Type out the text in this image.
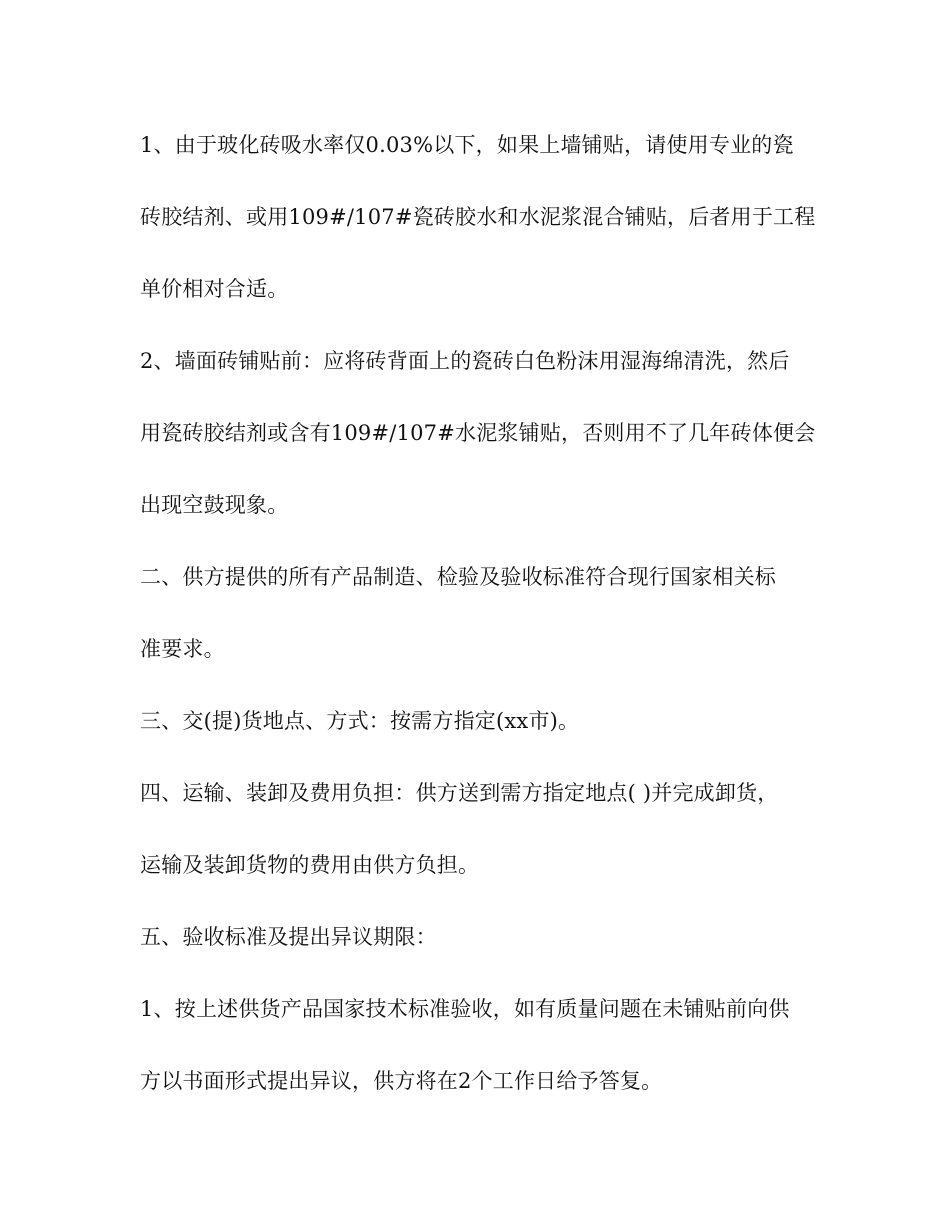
1、由于玻化砖吸水率仅0.03%以下，如果上墙铺贴，请使用专业的瓷
砖胶结剂、或用109#/107#瓷砖胶水和水泥浆混合铺贴，后者用于工程
单价相对合适。
2、墙面砖铺贴前：应将砖背面上的瓷砖白色粉沫用湿海绵清洗，然后
用瓷砖胶结剂或含有109#/107#水泥浆铺贴，否则用不了几年砖体便会
出现空鼓现象。
二、供方提供的所有产品制造、检验及验收标准符合现行国家相关标
准要求。
三、交(提)货地点、方式：按需方指定(xx市)。
四、运输、装卸及费用负担：供方送到需方指定地点( )并完成卸货，
运输及装卸货物的费用由供方负担。
五、验收标准及提出异议期限：
1、按上述供货产品国家技术标准验收，如有质量问题在未铺贴前向供
方以书面形式提出异议，供方将在2个工作日给予答复。
